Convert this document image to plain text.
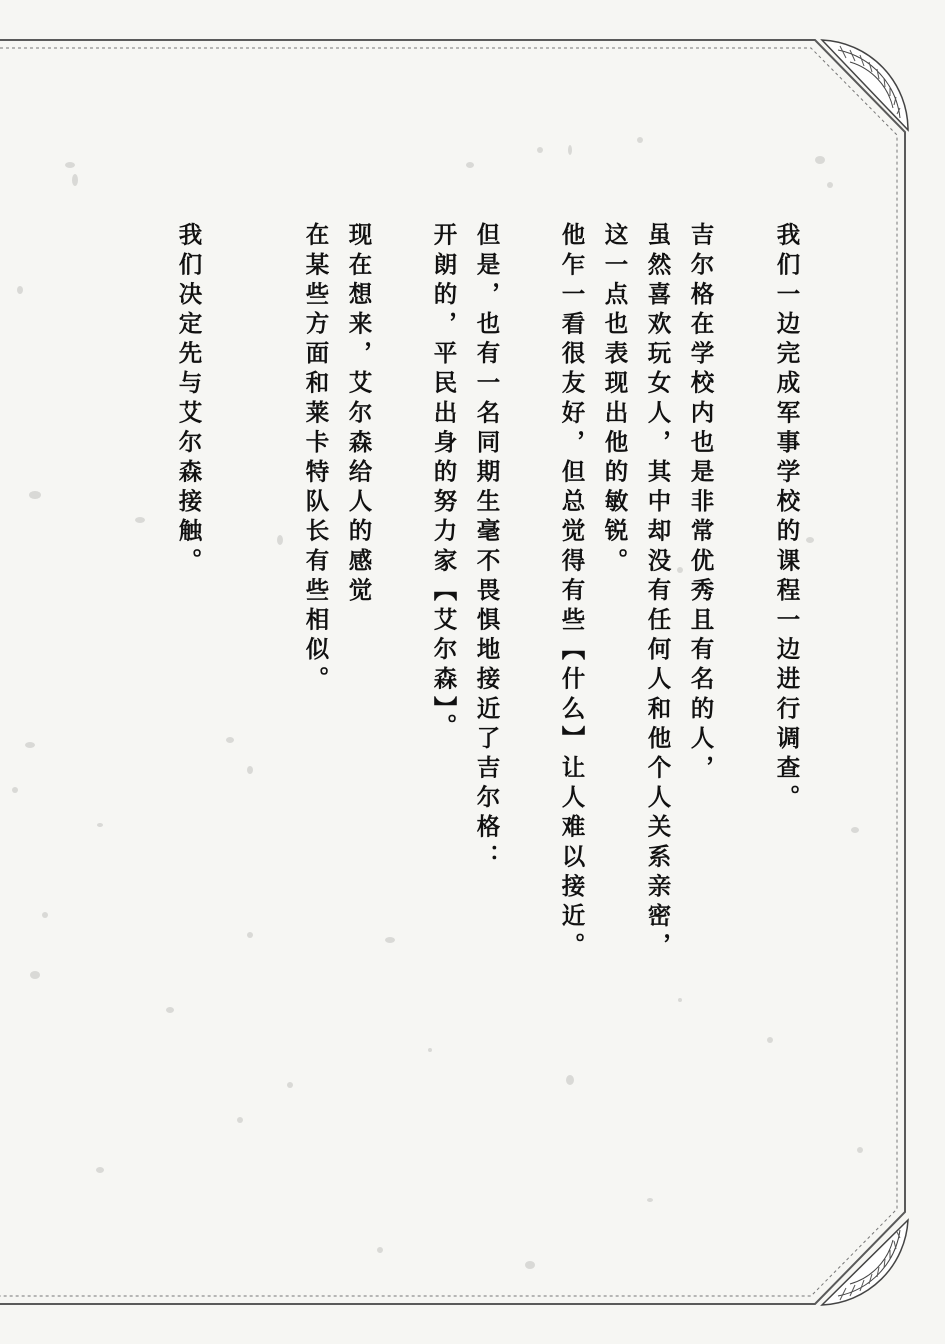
我们一边完成军事学校的课程一边进行调查。
吉尔格在学校内也是非常优秀且有名的人，
虽然喜欢玩女人，其中却没有任何人和他个人关系亲密，
这一点也表现出他的敏锐。
他乍一看很友好，但总觉得有些【什么】让人难以接近。
但是，也有一名同期生毫不畏惧地接近了吉尔格：
开朗的，平民出身的努力家【艾尔森】。
现在想来，艾尔森给人的感觉
在某些方面和莱卡特队长有些相似。
我们决定先与艾尔森接触。
